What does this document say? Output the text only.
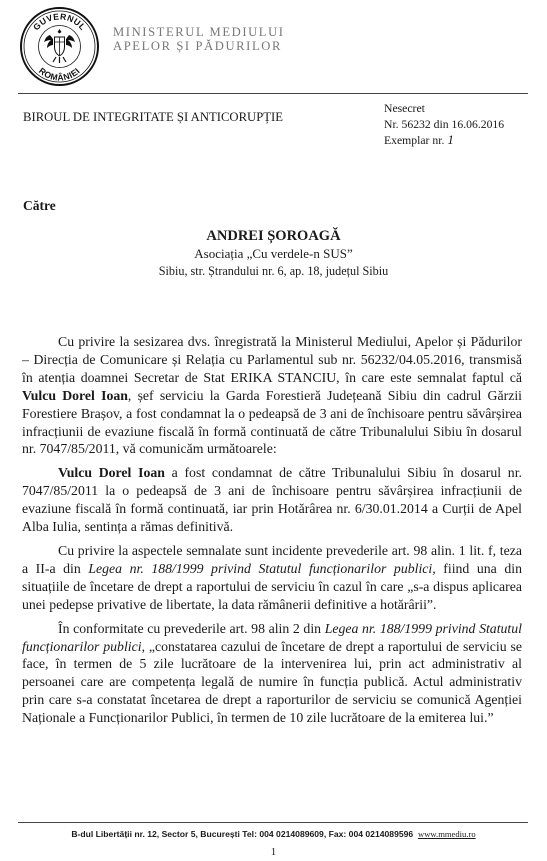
GUVERNUL
ROMÂNIEI
MINISTERUL MEDIULUI
APELOR ȘI PĂDURILOR
BIROUL DE INTEGRITATE ȘI ANTICORUPȚIE
Nesecret
Nr. 56232 din 16.06.2016
Exemplar nr. 1
Către
ANDREI ȘOROAGĂ
Asociația „Cu verdele-n SUS”
Sibiu, str. Ștrandului nr. 6, ap. 18, județul Sibiu

Cu privire la sesizarea dvs. înregistrată la Ministerul Mediului, Apelor și Pădurilor – Direcția de Comunicare și Relația cu Parlamentul sub nr. 56232/04.05.2016, transmisă în atenția doamnei Secretar de Stat ERIKA STANCIU, în care este semnalat faptul că Vulcu Dorel Ioan, șef serviciu la Garda Forestieră Județeană Sibiu din cadrul Gărzii Forestiere Brașov, a fost condamnat la o pedeapsă de 3 ani de închisoare pentru săvârșirea infracțiunii de evaziune fiscală în formă continuată de către Tribunalului Sibiu în dosarul nr. 7047/85/2011, vă comunicăm următoarele:

Vulcu Dorel Ioan a fost condamnat de către Tribunalului Sibiu în dosarul nr. 7047/85/2011 la o pedeapsă de 3 ani de închisoare pentru săvârșirea infracțiunii de evaziune fiscală în formă continuată, iar prin Hotărârea nr. 6/30.01.2014 a Curții de Apel Alba Iulia, sentința a rămas definitivă.

Cu privire la aspectele semnalate sunt incidente prevederile art. 98 alin. 1 lit. f, teza a II-a din Legea nr. 188/1999 privind Statutul funcționarilor publici, fiind una din situațiile de încetare de drept a raportului de serviciu în cazul în care „s-a dispus aplicarea unei pedepse privative de libertate, la data rămânerii definitive a hotărârii”.

În conformitate cu prevederile art. 98 alin 2 din Legea nr. 188/1999 privind Statutul funcționarilor publici, „constatarea cazului de încetare de drept a raportului de serviciu se face, în termen de 5 zile lucrătoare de la intervenirea lui, prin act administrativ al persoanei care are competența legală de numire în funcția publică. Actul administrativ prin care s-a constatat încetarea de drept a raporturilor de serviciu se comunică Agenției Naționale a Funcționarilor Publici, în termen de 10 zile lucrătoare de la emiterea lui.”

B-dul Libertății nr. 12, Sector 5, București Tel: 004 0214089609, Fax: 004 0214089596 www.mmediu.ro
1
